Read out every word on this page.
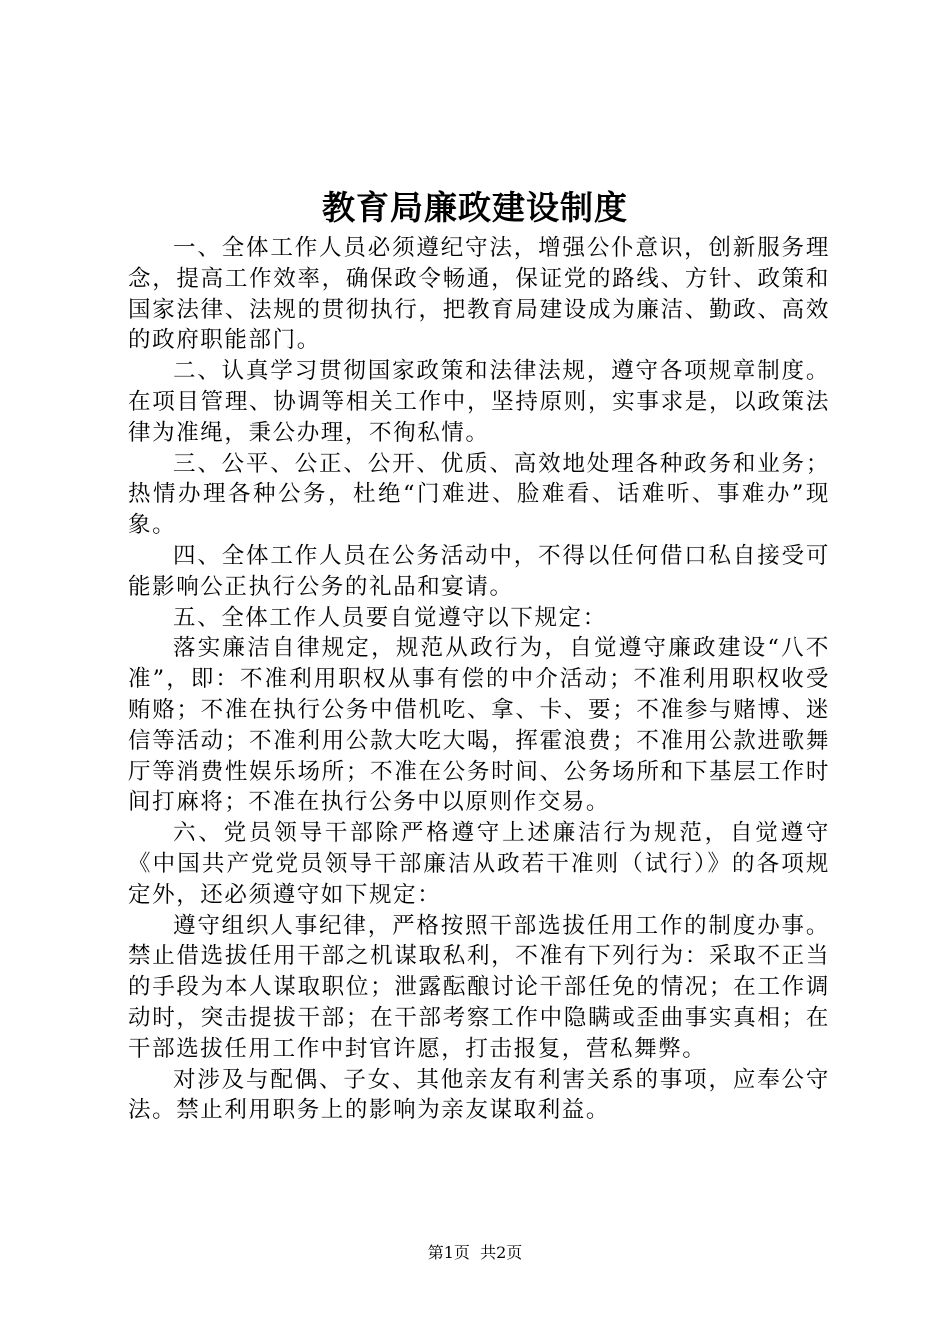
教育局廉政建设制度

一、全体工作人员必须遵纪守法，增强公仆意识，创新服务理念，提高工作效率，确保政令畅通，保证党的路线、方针、政策和国家法律、法规的贯彻执行，把教育局建设成为廉洁、勤政、高效的政府职能部门。

二、认真学习贯彻国家政策和法律法规，遵守各项规章制度。在项目管理、协调等相关工作中，坚持原则，实事求是，以政策法律为准绳，秉公办理，不徇私情。

三、公平、公正、公开、优质、高效地处理各种政务和业务；热情办理各种公务，杜绝“门难进、脸难看、话难听、事难办”现象。

四、全体工作人员在公务活动中，不得以任何借口私自接受可能影响公正执行公务的礼品和宴请。

五、全体工作人员要自觉遵守以下规定：

落实廉洁自律规定，规范从政行为，自觉遵守廉政建设“八不准”，即：不准利用职权从事有偿的中介活动；不准利用职权收受贿赂；不准在执行公务中借机吃、拿、卡、要；不准参与赌博、迷信等活动；不准利用公款大吃大喝，挥霍浪费；不准用公款进歌舞厅等消费性娱乐场所；不准在公务时间、公务场所和下基层工作时间打麻将；不准在执行公务中以原则作交易。

六、党员领导干部除严格遵守上述廉洁行为规范，自觉遵守《中国共产党党员领导干部廉洁从政若干准则（试行）》的各项规定外，还必须遵守如下规定：

遵守组织人事纪律，严格按照干部选拔任用工作的制度办事。禁止借选拔任用干部之机谋取私利，不准有下列行为：采取不正当的手段为本人谋取职位；泄露酝酿讨论干部任免的情况；在工作调动时，突击提拔干部；在干部考察工作中隐瞒或歪曲事实真相；在干部选拔任用工作中封官许愿，打击报复，营私舞弊。

对涉及与配偶、子女、其他亲友有利害关系的事项，应奉公守法。禁止利用职务上的影响为亲友谋取利益。

第1页 共2页
